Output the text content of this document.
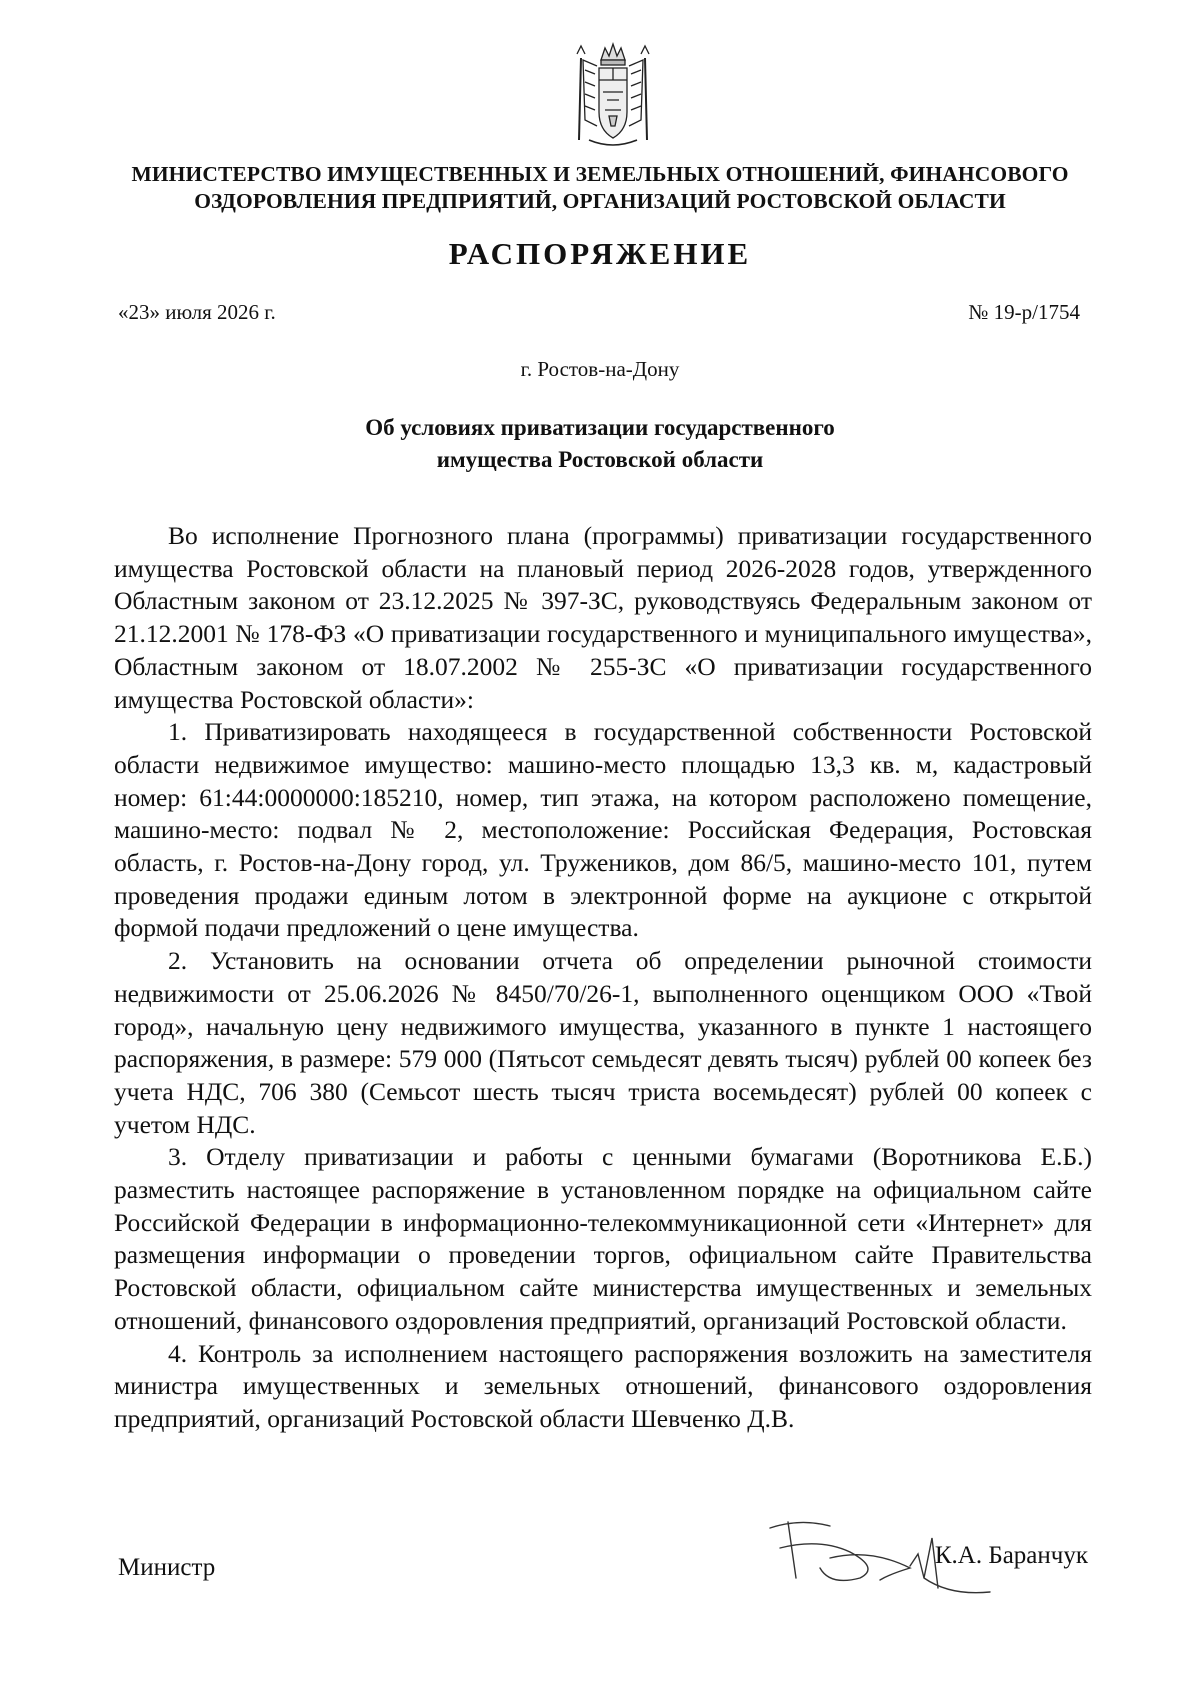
МИНИСТЕРСТВО ИМУЩЕСТВЕННЫХ И ЗЕМЕЛЬНЫХ ОТНОШЕНИЙ, ФИНАНСОВОГО
ОЗДОРОВЛЕНИЯ ПРЕДПРИЯТИЙ, ОРГАНИЗАЦИЙ РОСТОВСКОЙ ОБЛАСТИ
РАСПОРЯЖЕНИЕ
«23» июля 2026 г.	№ 19-р/1754
г. Ростов-на-Дону
Об условиях приватизации государственного
имущества Ростовской области

Во исполнение Прогнозного плана (программы) приватизации государственного имущества Ростовской области на плановый период 2026-2028 годов, утвержденного Областным законом от 23.12.2025 № 397-ЗС, руководствуясь Федеральным законом от 21.12.2001 № 178-ФЗ «О приватизации государственного и муниципального имущества», Областным законом от 18.07.2002 № 255-ЗС «О приватизации государственного имущества Ростовской области»:

1. Приватизировать находящееся в государственной собственности Ростовской области недвижимое имущество: машино-место площадью 13,3 кв. м, кадастровый номер: 61:44:0000000:185210, номер, тип этажа, на котором расположено помещение, машино-место: подвал № 2, местоположение: Российская Федерация, Ростовская область, г. Ростов-на-Дону город, ул. Тружеников, дом 86/5, машино-место 101, путем проведения продажи единым лотом в электронной форме на аукционе с открытой формой подачи предложений о цене имущества.

2. Установить на основании отчета об определении рыночной стоимости недвижимости от 25.06.2026 № 8450/70/26-1, выполненного оценщиком ООО «Твой город», начальную цену недвижимого имущества, указанного в пункте 1 настоящего распоряжения, в размере: 579 000 (Пятьсот семьдесят девять тысяч) рублей 00 копеек без учета НДС, 706 380 (Семьсот шесть тысяч триста восемьдесят) рублей 00 копеек с учетом НДС.

3. Отделу приватизации и работы с ценными бумагами (Воротникова Е.Б.) разместить настоящее распоряжение в установленном порядке на официальном сайте Российской Федерации в информационно-телекоммуникационной сети «Интернет» для размещения информации о проведении торгов, официальном сайте Правительства Ростовской области, официальном сайте министерства имущественных и земельных отношений, финансового оздоровления предприятий, организаций Ростовской области.

4. Контроль за исполнением настоящего распоряжения возложить на заместителя министра имущественных и земельных отношений, финансового оздоровления предприятий, организаций Ростовской области Шевченко Д.В.

Министр	К.А. Баранчук
